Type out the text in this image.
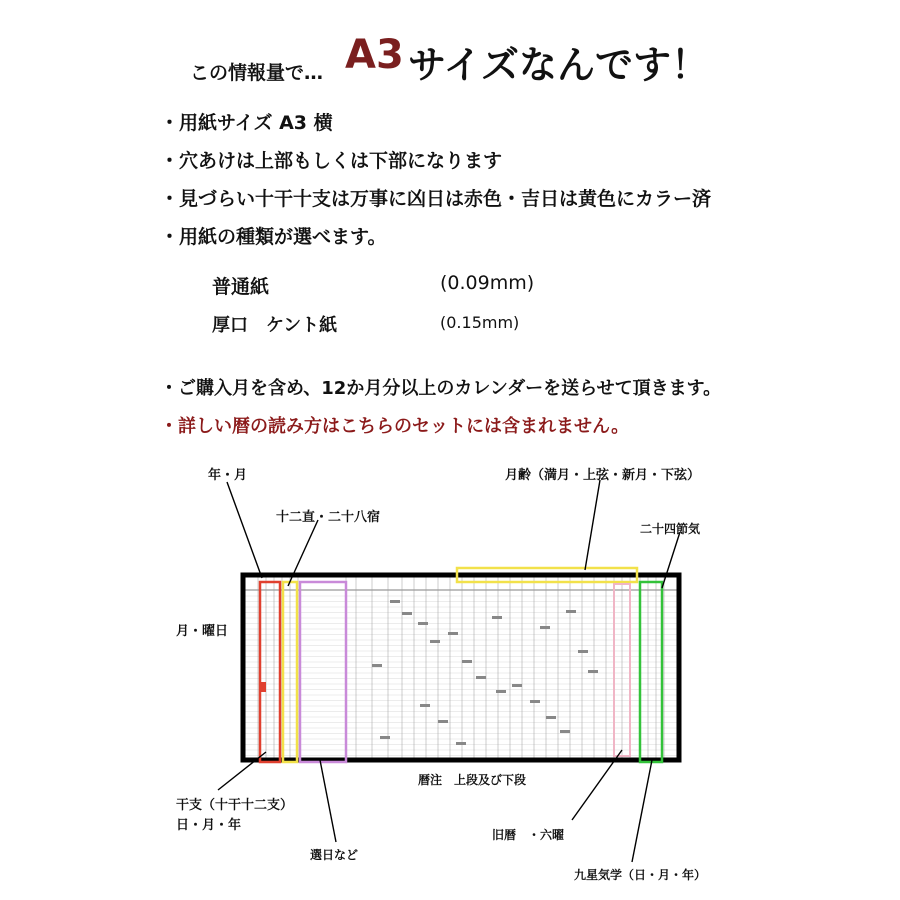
この情報量で… A3 サイズなんです！
・用紙サイズ A3 横
・穴あけは上部もしくは下部になります
・見づらい十干十支は万事に凶日は赤色・吉日は黄色にカラー済
・用紙の種類が選べます。
普通紙	(0.09mm)
厚口　ケント紙	(0.15mm)
・ご購入月を含め、12か月分以上のカレンダーを送らせて頂きます。
・詳しい暦の読み方はこちらのセットには含まれません。
年・月	月齢（満月・上弦・新月・下弦）
十二直・二十八宿
二十四節気
月・曜日
暦注　上段及び下段
干支（十干十二支）
日・月・年
旧暦　・六曜
選日など
九星気学（日・月・年）
